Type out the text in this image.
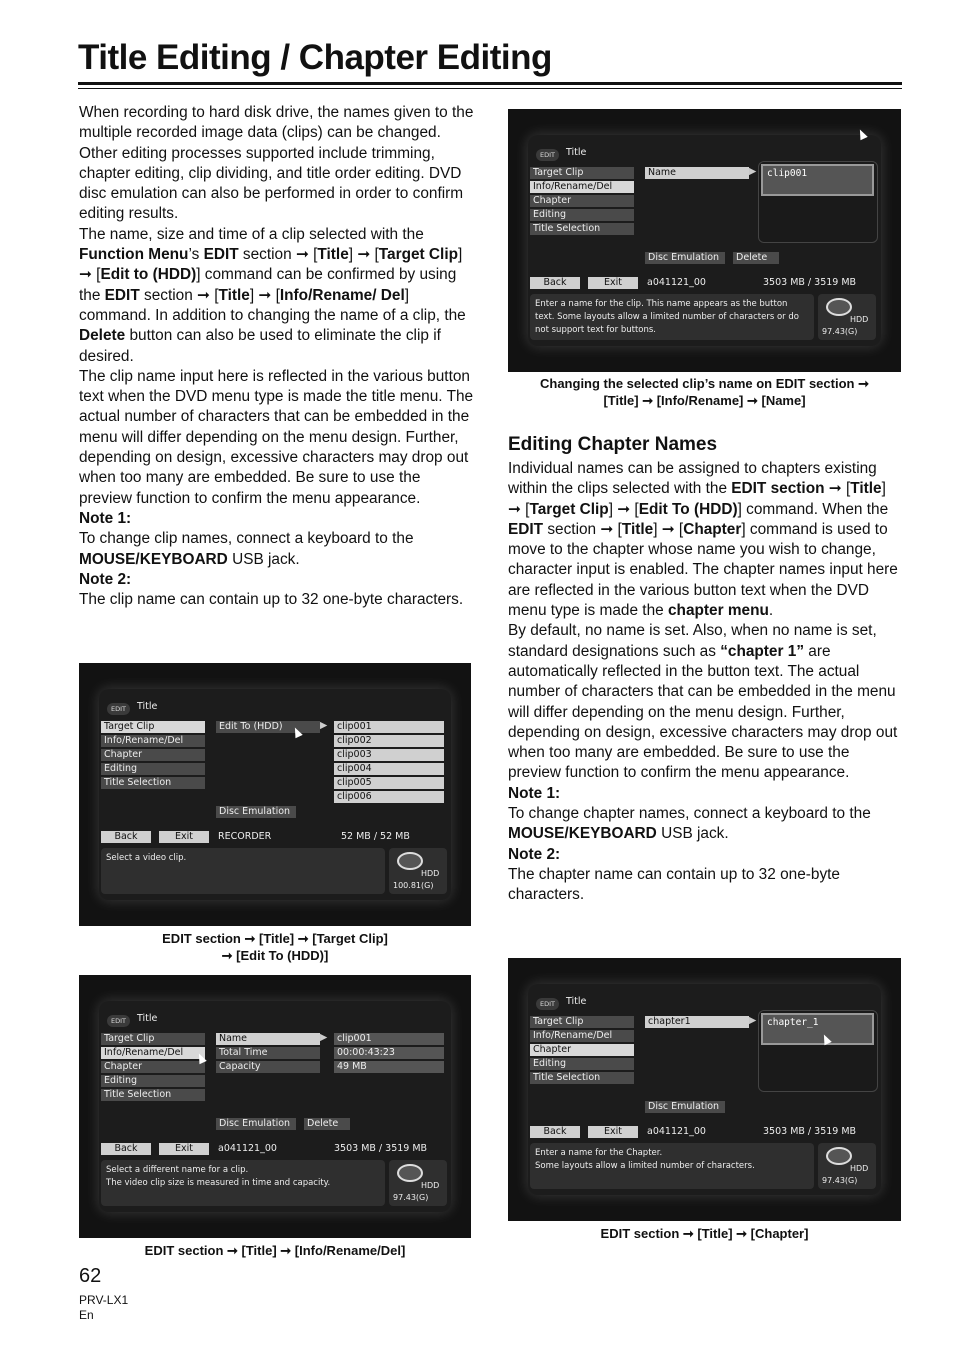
Title Editing / Chapter Editing

When recording to hard disk drive, the names given to the multiple recorded image data (clips) can be changed. Other editing processes supported include trimming, chapter editing, clip dividing, and title order editing. DVD disc emulation can also be performed in order to confirm editing results.

The name, size and time of a clip selected with the Function Menu’s EDIT section ➞ [Title] ➞ [Target Clip] ➞ [Edit to (HDD)] command can be confirmed by using the EDIT section ➞ [Title] ➞ [Info/Rename/ Del] command. In addition to changing the name of a clip, the Delete button can also be used to eliminate the clip if desired.

The clip name input here is reflected in the various button text when the DVD menu type is made the title menu. The actual number of characters that can be embedded in the menu will differ depending on the menu design. Further, depending on design, excessive characters may drop out when too many are embedded. Be sure to use the preview function to confirm the menu appearance.

Note 1:

To change clip names, connect a keyboard to the MOUSE/KEYBOARD USB jack.

Note 2:

The clip name can contain up to 32 one-byte characters.

EDIT	Title
Target Clip
Info/Rename/Del
Chapter
Editing
Title Selection
Edit To (HDD)	▶	clip001
clip002
clip003
clip004
clip005
clip006
Disc Emulation
Back	Exit	RECORDER	52 MB / 52 MB
Select a video clip.
HDD
100.81(G)
EDIT section ➞ [Title] ➞ [Target Clip]
➞ [Edit To (HDD)]
EDIT	Title
Target Clip
Info/Rename/Del
Chapter
Editing
Title Selection
Name	▶	clip001
Total Time	00:00:43:23
Capacity	49 MB
Disc Emulation	Delete
Back	Exit	a041121_00	3503 MB / 3519 MB
Select a different name for a clip.
The video clip size is measured in time and capacity.	HDD
97.43(G)
EDIT section ➞ [Title] ➞ [Info/Rename/Del]
EDIT	Title
Target Clip
Info/Rename/Del
Chapter
Editing
Title Selection
Name	▶	clip001
Disc Emulation	Delete
Back	Exit	a041121_00	3503 MB / 3519 MB
Enter a name for the clip. This name appears as the button text. Some layouts allow a limited number of characters or do not support text for buttons.
HDD
97.43(G)
Changing the selected clip’s name on EDIT section ➞
[Title] ➞ [Info/Rename] ➞ [Name]
Editing Chapter Names

Individual names can be assigned to chapters existing within the clips selected with the EDIT section ➞ [Title] ➞ [Target Clip] ➞ [Edit To (HDD)] command. When the EDIT section ➞ [Title] ➞ [Chapter] command is used to move to the chapter whose name you wish to change, character input is enabled. The chapter names input here are reflected in the various button text when the DVD menu type is made the chapter menu.

By default, no name is set. Also, when no name is set, standard designations such as “chapter 1” are automatically reflected in the button text. The actual number of characters that can be embedded in the menu will differ depending on the menu design. Further, depending on design, excessive characters may drop out when too many are embedded. Be sure to use the preview function to confirm the menu appearance.

Note 1:

To change chapter names, connect a keyboard to the MOUSE/KEYBOARD USB jack.

Note 2:

The chapter name can contain up to 32 one-byte characters.

EDIT	Title
Target Clip
Info/Rename/Del
Chapter
Editing
Title Selection
chapter1	▶	chapter_1
Disc Emulation
Back	Exit	a041121_00	3503 MB / 3519 MB
Enter a name for the Chapter.
Some layouts allow a limited number of characters.	HDD
97.43(G)
EDIT section ➞ [Title] ➞ [Chapter]
62
PRV-LX1
En
